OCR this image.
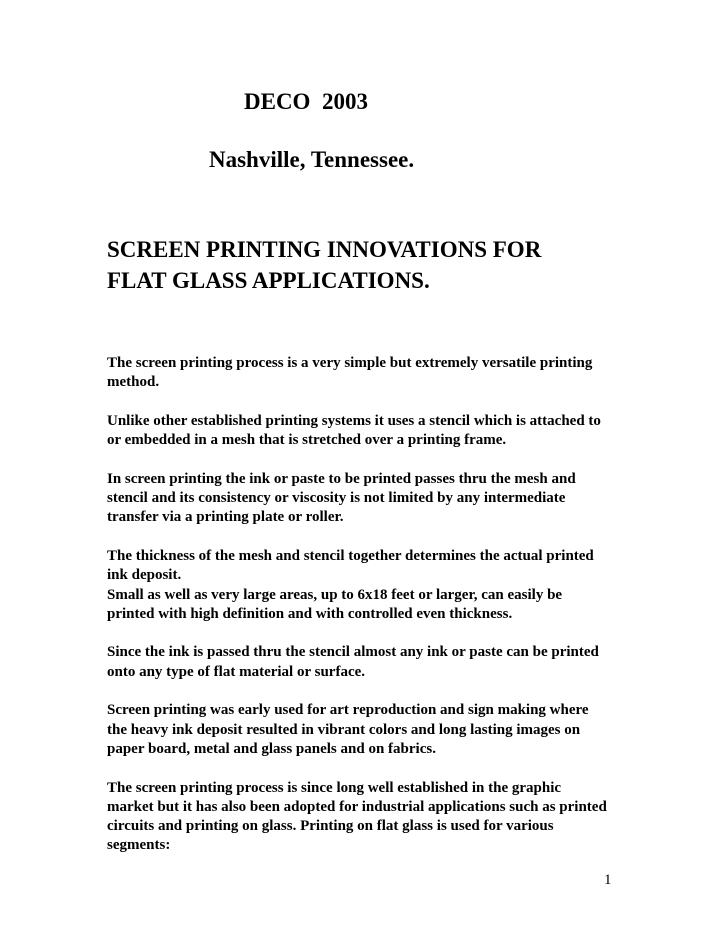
DECO  2003
Nashville, Tennessee.
SCREEN PRINTING INNOVATIONS FOR
FLAT GLASS APPLICATIONS.

The screen printing process is a very simple but extremely versatile printing
method.

Unlike other established printing systems it uses a stencil which is attached to
or embedded in a mesh that is stretched over a printing frame.

In screen printing the ink or paste to be printed passes thru the mesh and
stencil and its consistency or viscosity is not limited by any intermediate
transfer via a printing plate or roller.

The thickness of the mesh and stencil together determines the actual printed
ink deposit.

Small as well as very large areas, up to 6x18 feet or larger, can easily be
printed with high definition and with controlled even thickness.

Since the ink is passed thru the stencil almost any ink or paste can be printed
onto any type of flat material or surface.

Screen printing was early used for art reproduction and sign making where
the heavy ink deposit resulted in vibrant colors and long lasting images on
paper board, metal and glass panels and on fabrics.

The screen printing process is since long well established in the graphic
market but it has also been adopted for industrial applications such as printed
circuits and printing on glass. Printing on flat glass is used for various
segments:

1
